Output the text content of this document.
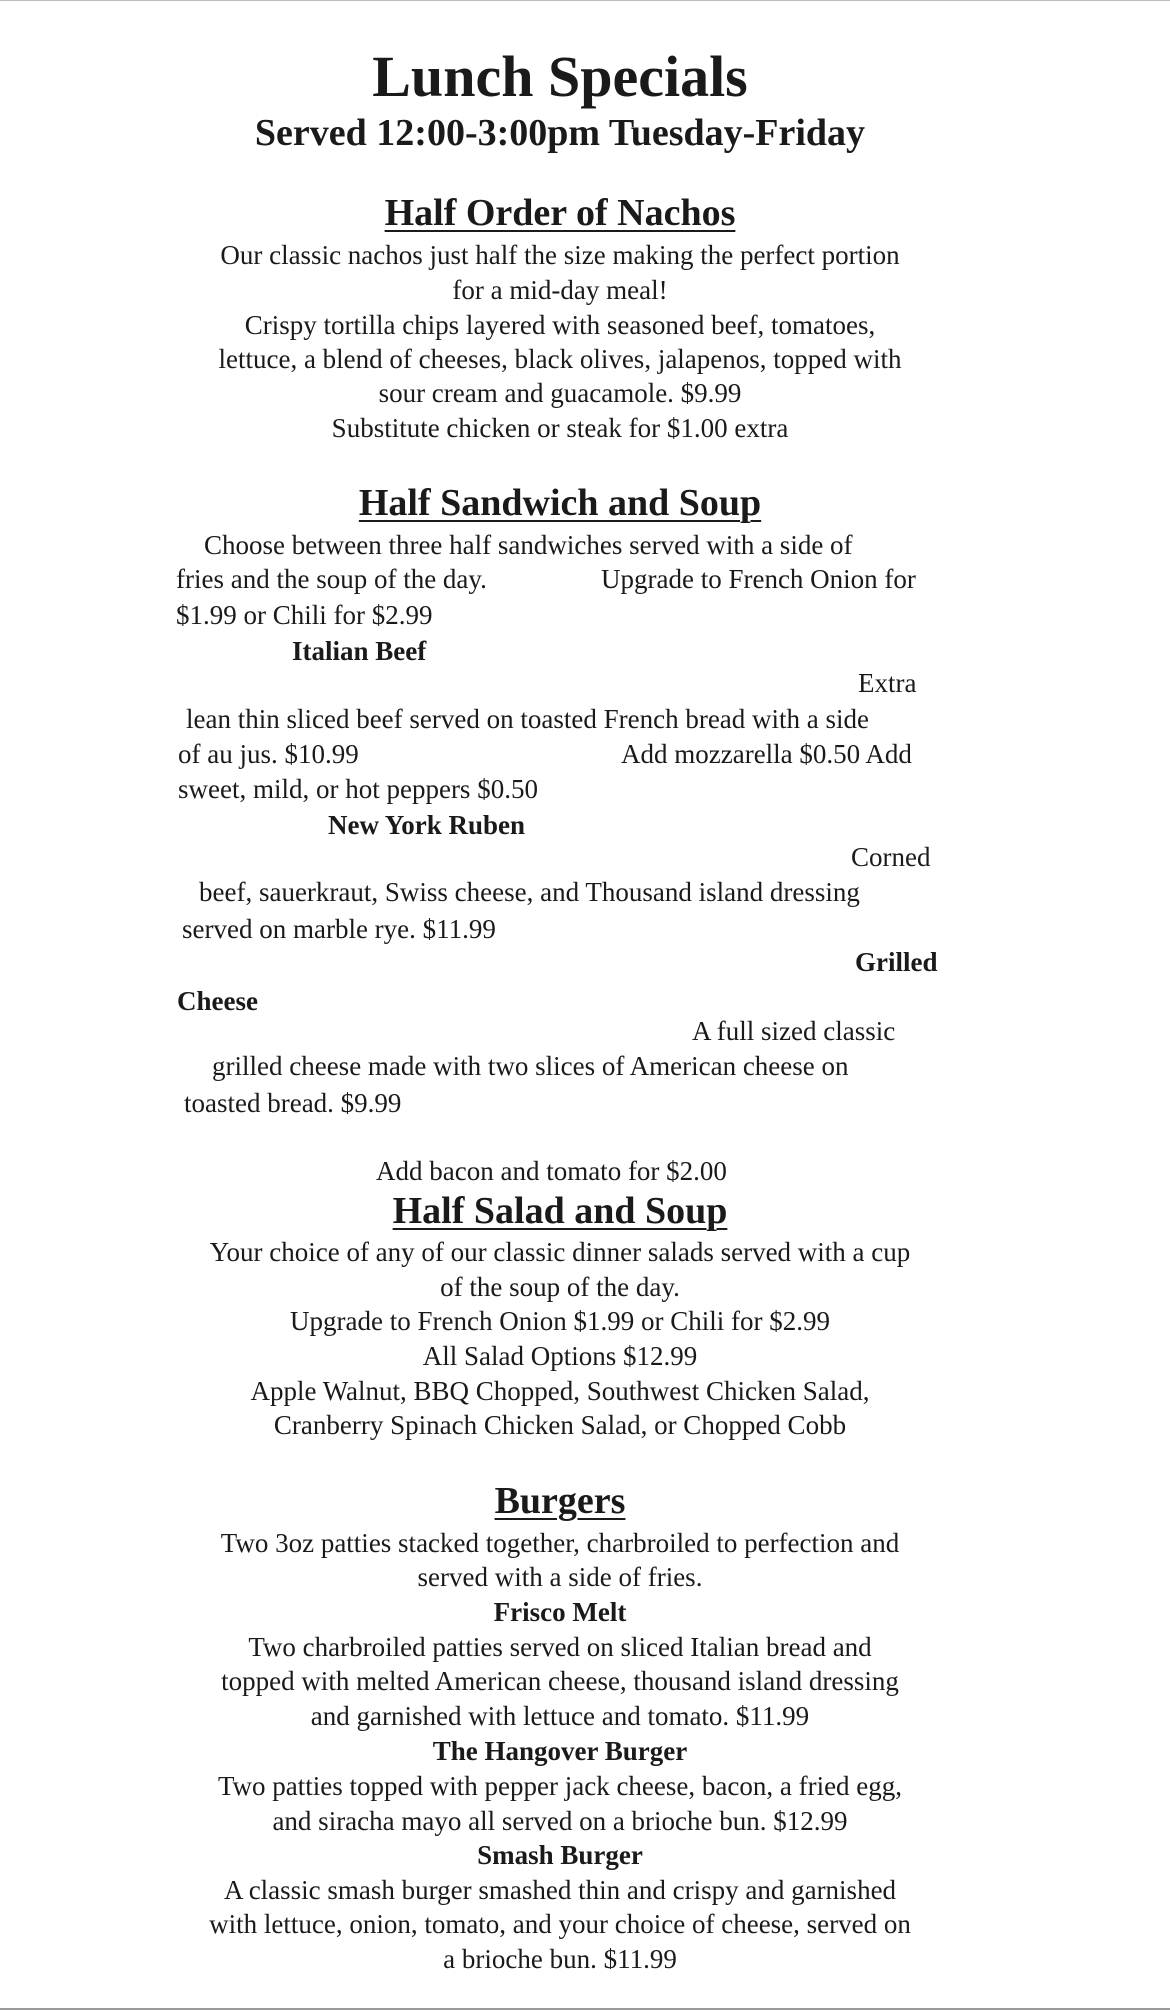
Lunch Specials
Served 12:00-3:00pm Tuesday-Friday
Half Order of Nachos
Our classic nachos just half the size making the perfect portion
for a mid-day meal!
Crispy tortilla chips layered with seasoned beef, tomatoes,
lettuce, a blend of cheeses, black olives, jalapenos, topped with
sour cream and guacamole. $9.99
Substitute chicken or steak for $1.00 extra
Half Sandwich and Soup
Choose between three half sandwiches served with a side of
fries and the soup of the day.	Upgrade to French Onion for
$1.99 or Chili for $2.99
Italian Beef
Extra
lean thin sliced beef served on toasted French bread with a side
of au jus. $10.99	Add mozzarella $0.50 Add
sweet, mild, or hot peppers $0.50
New York Ruben
Corned
beef, sauerkraut, Swiss cheese, and Thousand island dressing
served on marble rye. $11.99
Grilled
Cheese
A full sized classic
grilled cheese made with two slices of American cheese on
toasted bread. $9.99
Add bacon and tomato for $2.00
Half Salad and Soup
Your choice of any of our classic dinner salads served with a cup
of the soup of the day.
Upgrade to French Onion $1.99 or Chili for $2.99
All Salad Options $12.99
Apple Walnut, BBQ Chopped, Southwest Chicken Salad,
Cranberry Spinach Chicken Salad, or Chopped Cobb
Burgers
Two 3oz patties stacked together, charbroiled to perfection and
served with a side of fries.
Frisco Melt
Two charbroiled patties served on sliced Italian bread and
topped with melted American cheese, thousand island dressing
and garnished with lettuce and tomato. $11.99
The Hangover Burger
Two patties topped with pepper jack cheese, bacon, a fried egg,
and siracha mayo all served on a brioche bun. $12.99
Smash Burger
A classic smash burger smashed thin and crispy and garnished
with lettuce, onion, tomato, and your choice of cheese, served on
a brioche bun. $11.99
